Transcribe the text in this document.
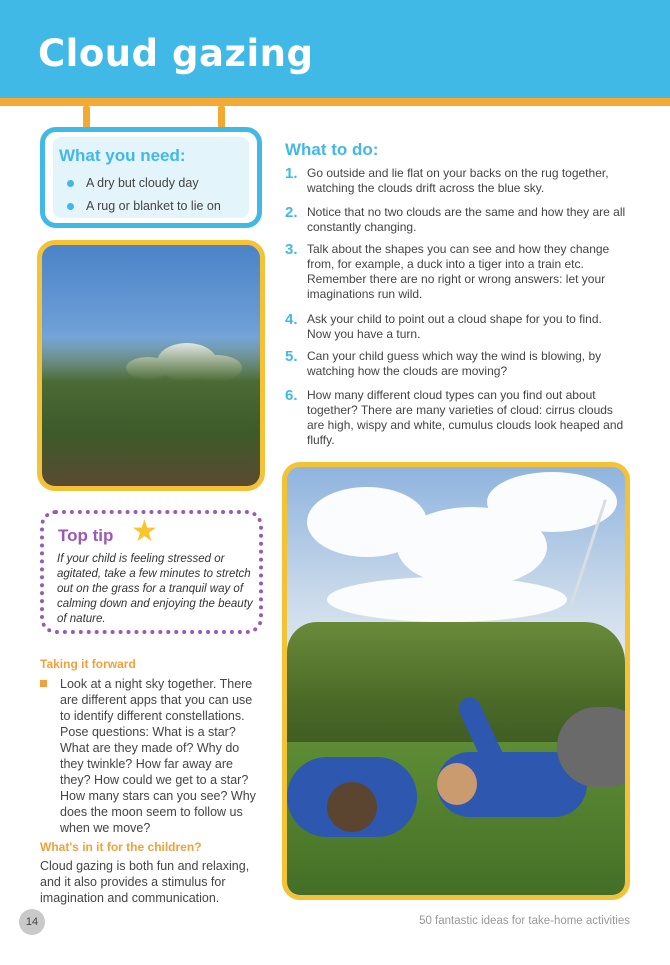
Cloud gazing
What you need:
A dry but cloudy day
A rug or blanket to lie on
Top tip ★
If your child is feeling stressed or agitated, take a few minutes to stretch out on the grass for a tranquil way of calming down and enjoying the beauty of nature.
Taking it forward
Look at a night sky together. There are different apps that you can use to identify different constellations. Pose questions: What is a star? What are they made of? Why do they twinkle? How far away are they? How could we get to a star? How many stars can you see? Why does the moon seem to follow us when we move?
What's in it for the children?
Cloud gazing is both fun and relaxing, and it also provides a stimulus for imagination and communication.
What to do:
1. Go outside and lie flat on your backs on the rug together, watching the clouds drift across the blue sky.
2. Notice that no two clouds are the same and how they are all constantly changing.
3. Talk about the shapes you can see and how they change from, for example, a duck into a tiger into a train etc. Remember there are no right or wrong answers: let your imaginations run wild.
4. Ask your child to point out a cloud shape for you to find. Now you have a turn.
5. Can your child guess which way the wind is blowing, by watching how the clouds are moving?
6. How many different cloud types can you find out about together? There are many varieties of cloud: cirrus clouds are high, wispy and white, cumulus clouds look heaped and fluffy.
14	50 fantastic ideas for take-home activities
